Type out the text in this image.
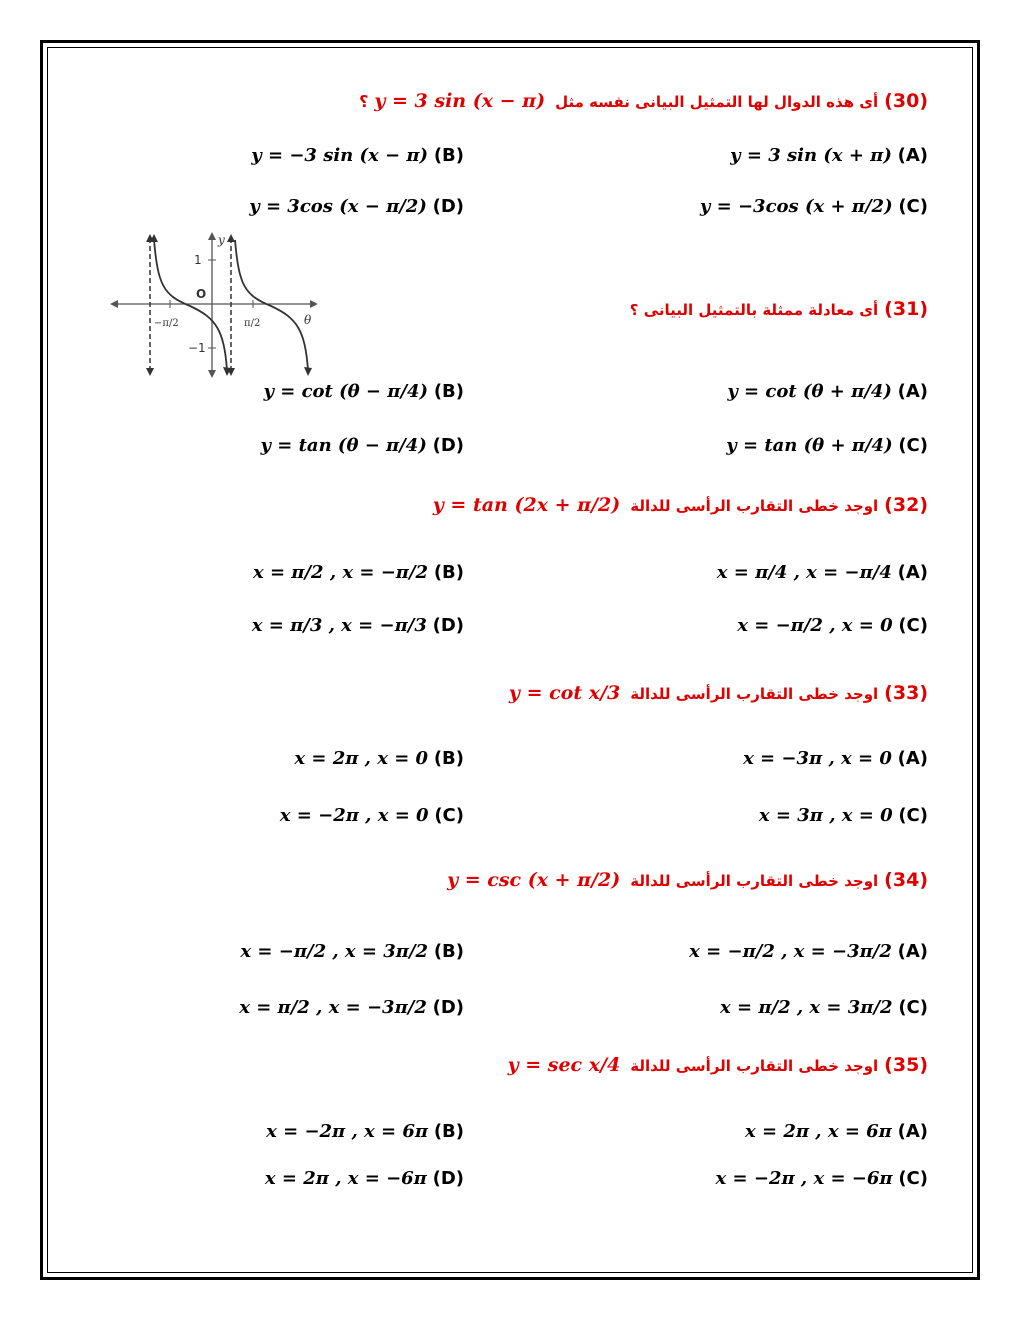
(30)أى هذه الدوال لها التمثيل البيانى نفسه مثلy = 3 sin (x − π)؟
y = 3 sin (x + π) (A)
y = −3 sin (x − π) (B)
y = −3cos (x + π/2) (C)
y = 3cos (x − π/2) (D)
y
θ
1
−1
O
−π/2	π/2
(31)أى معادلة ممثلة بالتمثيل البيانى ؟
y = cot (θ + π/4) (A)
y = cot (θ − π/4) (B)
y = tan (θ + π/4) (C)
y = tan (θ − π/4) (D)
(32)اوجد خطى التقارب الرأسى للدالةy = tan (2x + π/2)
x = π/4 , x = −π/4 (A)
x = π/2 , x = −π/2 (B)
x = −π/2 , x = 0 (C)
x = π/3 , x = −π/3 (D)
(33)اوجد خطى التقارب الرأسى للدالةy = cot x/3
x = −3π , x = 0 (A)
x = 2π , x = 0 (B)
x = 3π , x = 0 (C)
x = −2π , x = 0 (C)
(34)اوجد خطى التقارب الرأسى للدالةy = csc (x + π/2)
x = −π/2 , x = −3π/2 (A)
x = −π/2 , x = 3π/2 (B)
x = π/2 , x = 3π/2 (C)
x = π/2 , x = −3π/2 (D)
(35)اوجد خطى التقارب الرأسى للدالةy = sec x/4
x = 2π , x = 6π (A)
x = −2π , x = 6π (B)
x = −2π , x = −6π (C)
x = 2π , x = −6π (D)
